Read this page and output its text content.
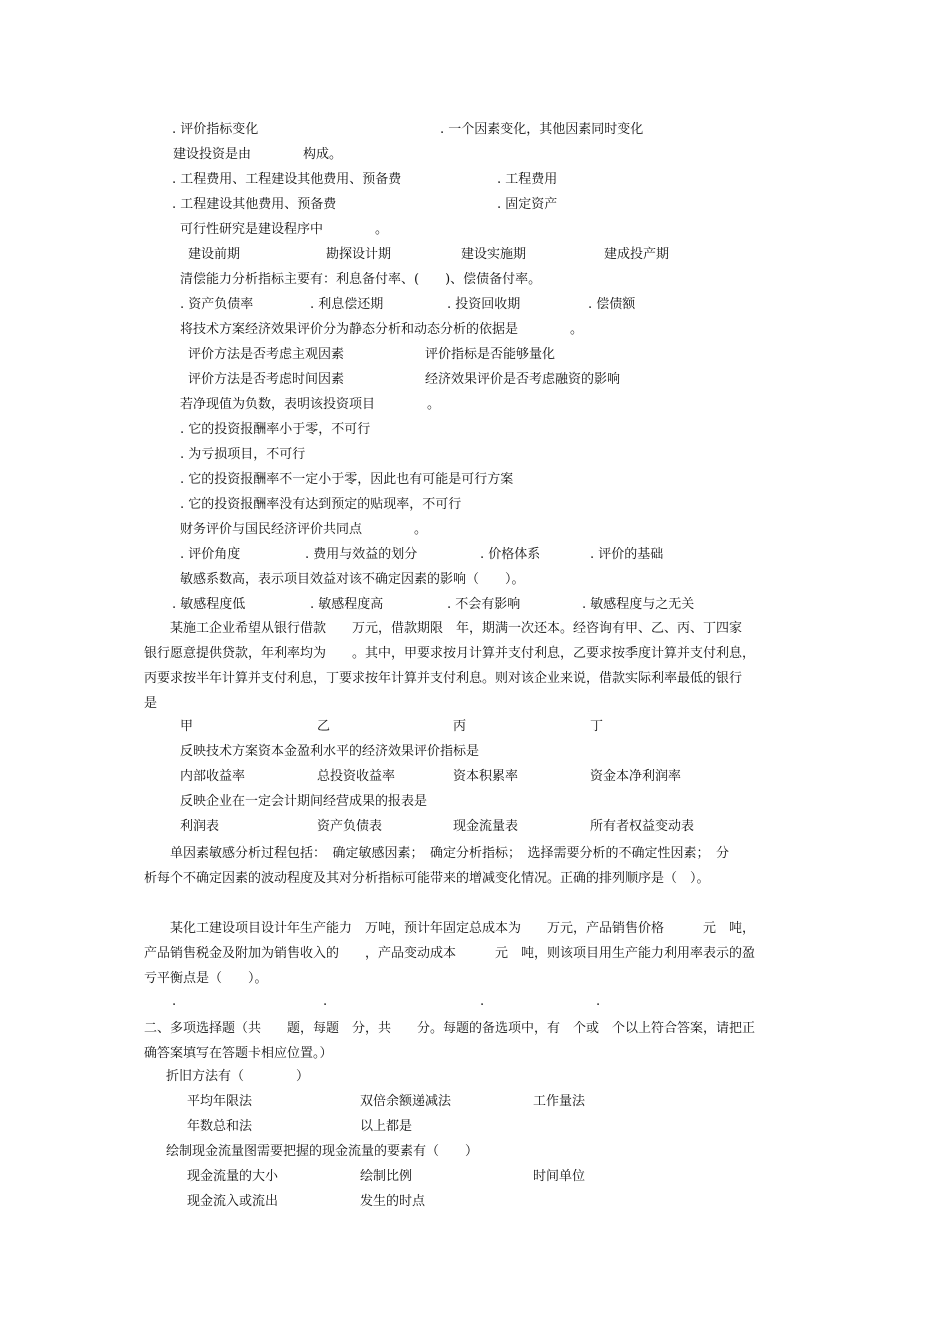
. 评价指标变化	. 一个因素变化，其他因素同时变化
建设投资是由　　　　构成。
. 工程费用、工程建设其他费用、预备费	. 工程费用
. 工程建设其他费用、预备费	. 固定资产
可行性研究是建设程序中　　　　。
建设前期	勘探设计期	建设实施期	建成投产期
清偿能力分析指标主要有：利息备付率、(　　)、偿债备付率。
. 资产负债率	. 利息偿还期	. 投资回收期	. 偿债额
将技术方案经济效果评价分为静态分析和动态分析的依据是　　　　。
评价方法是否考虑主观因素	评价指标是否能够量化
评价方法是否考虑时间因素	经济效果评价是否考虑融资的影响
若净现值为负数，表明该投资项目　　　　。
. 它的投资报酬率小于零，不可行
. 为亏损项目，不可行
. 它的投资报酬率不一定小于零，因此也有可能是可行方案
. 它的投资报酬率没有达到预定的贴现率，不可行
财务评价与国民经济评价共同点　　　　。
. 评价角度	. 费用与效益的划分	. 价格体系	. 评价的基础
敏感系数高，表示项目效益对该不确定因素的影响（　　）。
. 敏感程度低	. 敏感程度高	. 不会有影响	. 敏感程度与之无关
　　某施工企业希望从银行借款　　万元，借款期限　年，期满一次还本。经咨询有甲、乙、丙、丁四家
银行愿意提供贷款，年利率均为　　。其中，甲要求按月计算并支付利息，乙要求按季度计算并支付利息，
丙要求按半年计算并支付利息，丁要求按年计算并支付利息。则对该企业来说，借款实际利率最低的银行
是
甲	乙	丙	丁
反映技术方案资本金盈利水平的经济效果评价指标是
内部收益率	总投资收益率	资本积累率	资金本净利润率
反映企业在一定会计期间经营成果的报表是
利润表	资产负债表	现金流量表	所有者权益变动表
　　单因素敏感分析过程包括：　确定敏感因素；　确定分析指标；　选择需要分析的不确定性因素；　分
析每个不确定因素的波动程度及其对分析指标可能带来的增减变化情况。正确的排列顺序是（　）。
　　某化工建设项目设计年生产能力　万吨，预计年固定总成本为　　万元，产品销售价格　　　元　吨，
产品销售税金及附加为销售收入的　　，产品变动成本　　　元　吨，则该项目用生产能力利用率表示的盈
亏平衡点是（　　）。
.	.	.	.
二、多项选择题（共　　题，每题　分，共　　分。每题的备选项中，有　个或　个以上符合答案，请把正
确答案填写在答题卡相应位置。）
折旧方法有（　　　　）
平均年限法	双倍余额递减法	工作量法
年数总和法	以上都是
绘制现金流量图需要把握的现金流量的要素有（　　）
现金流量的大小	绘制比例	时间单位
现金流入或流出	发生的时点
